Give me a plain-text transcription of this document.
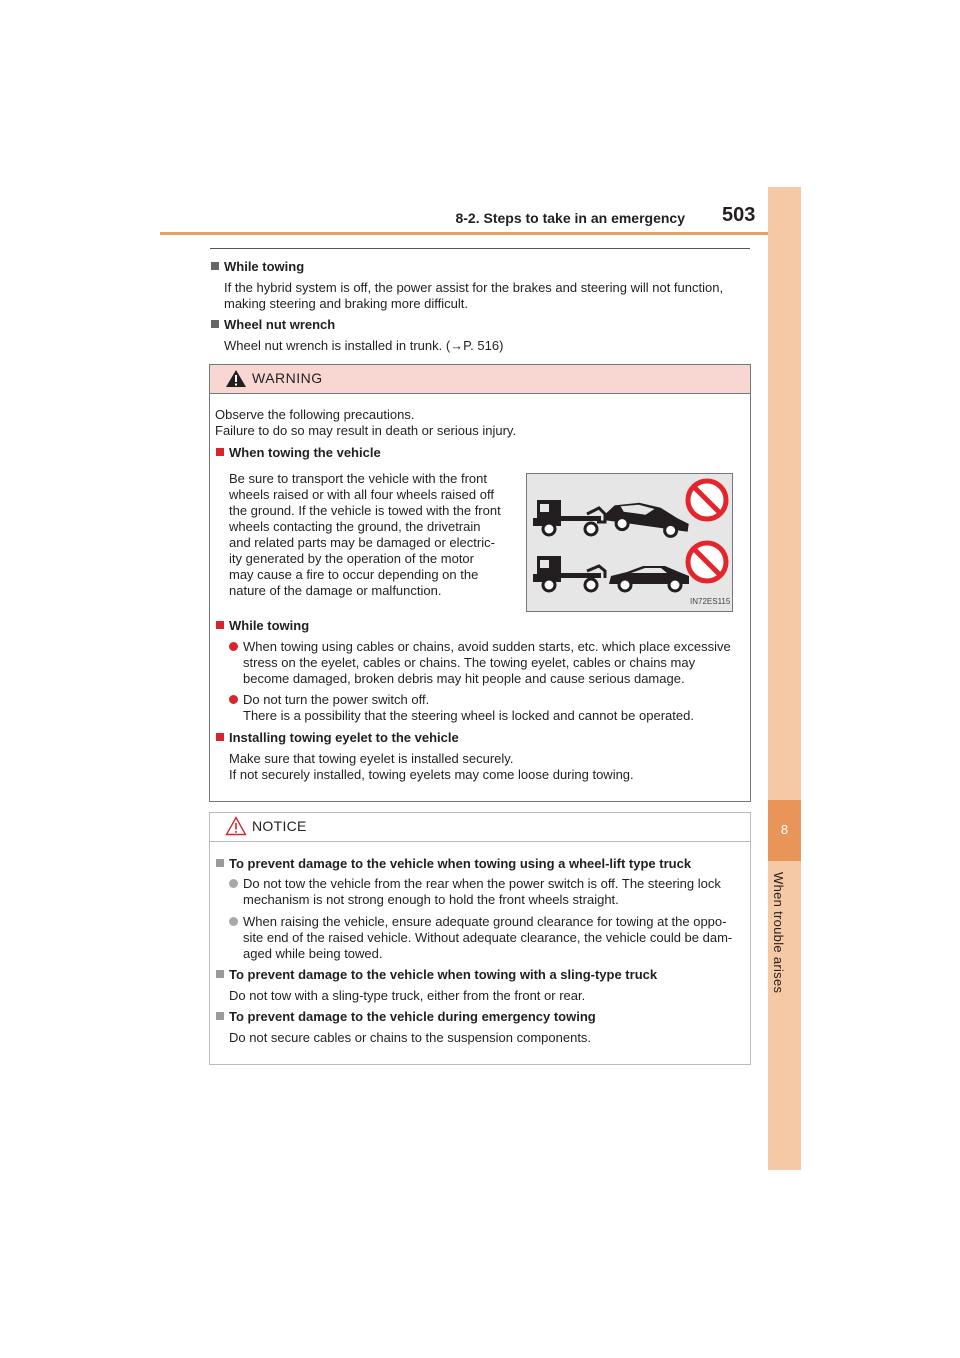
8-2. Steps to take in an emergency 503
8
When trouble arises
While towing
If the hybrid system is off, the power assist for the brakes and steering will not function,
making steering and braking more difficult.
Wheel nut wrench
Wheel nut wrench is installed in trunk. (→P. 516)
WARNING
Observe the following precautions.
Failure to do so may result in death or serious injury.
When towing the vehicle
Be sure to transport the vehicle with the front
wheels raised or with all four wheels raised off
the ground. If the vehicle is towed with the front
wheels contacting the ground, the drivetrain
and related parts may be damaged or electric-
ity generated by the operation of the motor
may cause a fire to occur depending on the
nature of the damage or malfunction.
IN72ES115
While towing
When towing using cables or chains, avoid sudden starts, etc. which place excessive
stress on the eyelet, cables or chains. The towing eyelet, cables or chains may
become damaged, broken debris may hit people and cause serious damage.
Do not turn the power switch off.
There is a possibility that the steering wheel is locked and cannot be operated.
Installing towing eyelet to the vehicle
Make sure that towing eyelet is installed securely.
If not securely installed, towing eyelets may come loose during towing.
NOTICE
To prevent damage to the vehicle when towing using a wheel-lift type truck
Do not tow the vehicle from the rear when the power switch is off. The steering lock
mechanism is not strong enough to hold the front wheels straight.
When raising the vehicle, ensure adequate ground clearance for towing at the oppo-
site end of the raised vehicle. Without adequate clearance, the vehicle could be dam-
aged while being towed.
To prevent damage to the vehicle when towing with a sling-type truck
Do not tow with a sling-type truck, either from the front or rear.
To prevent damage to the vehicle during emergency towing
Do not secure cables or chains to the suspension components.
